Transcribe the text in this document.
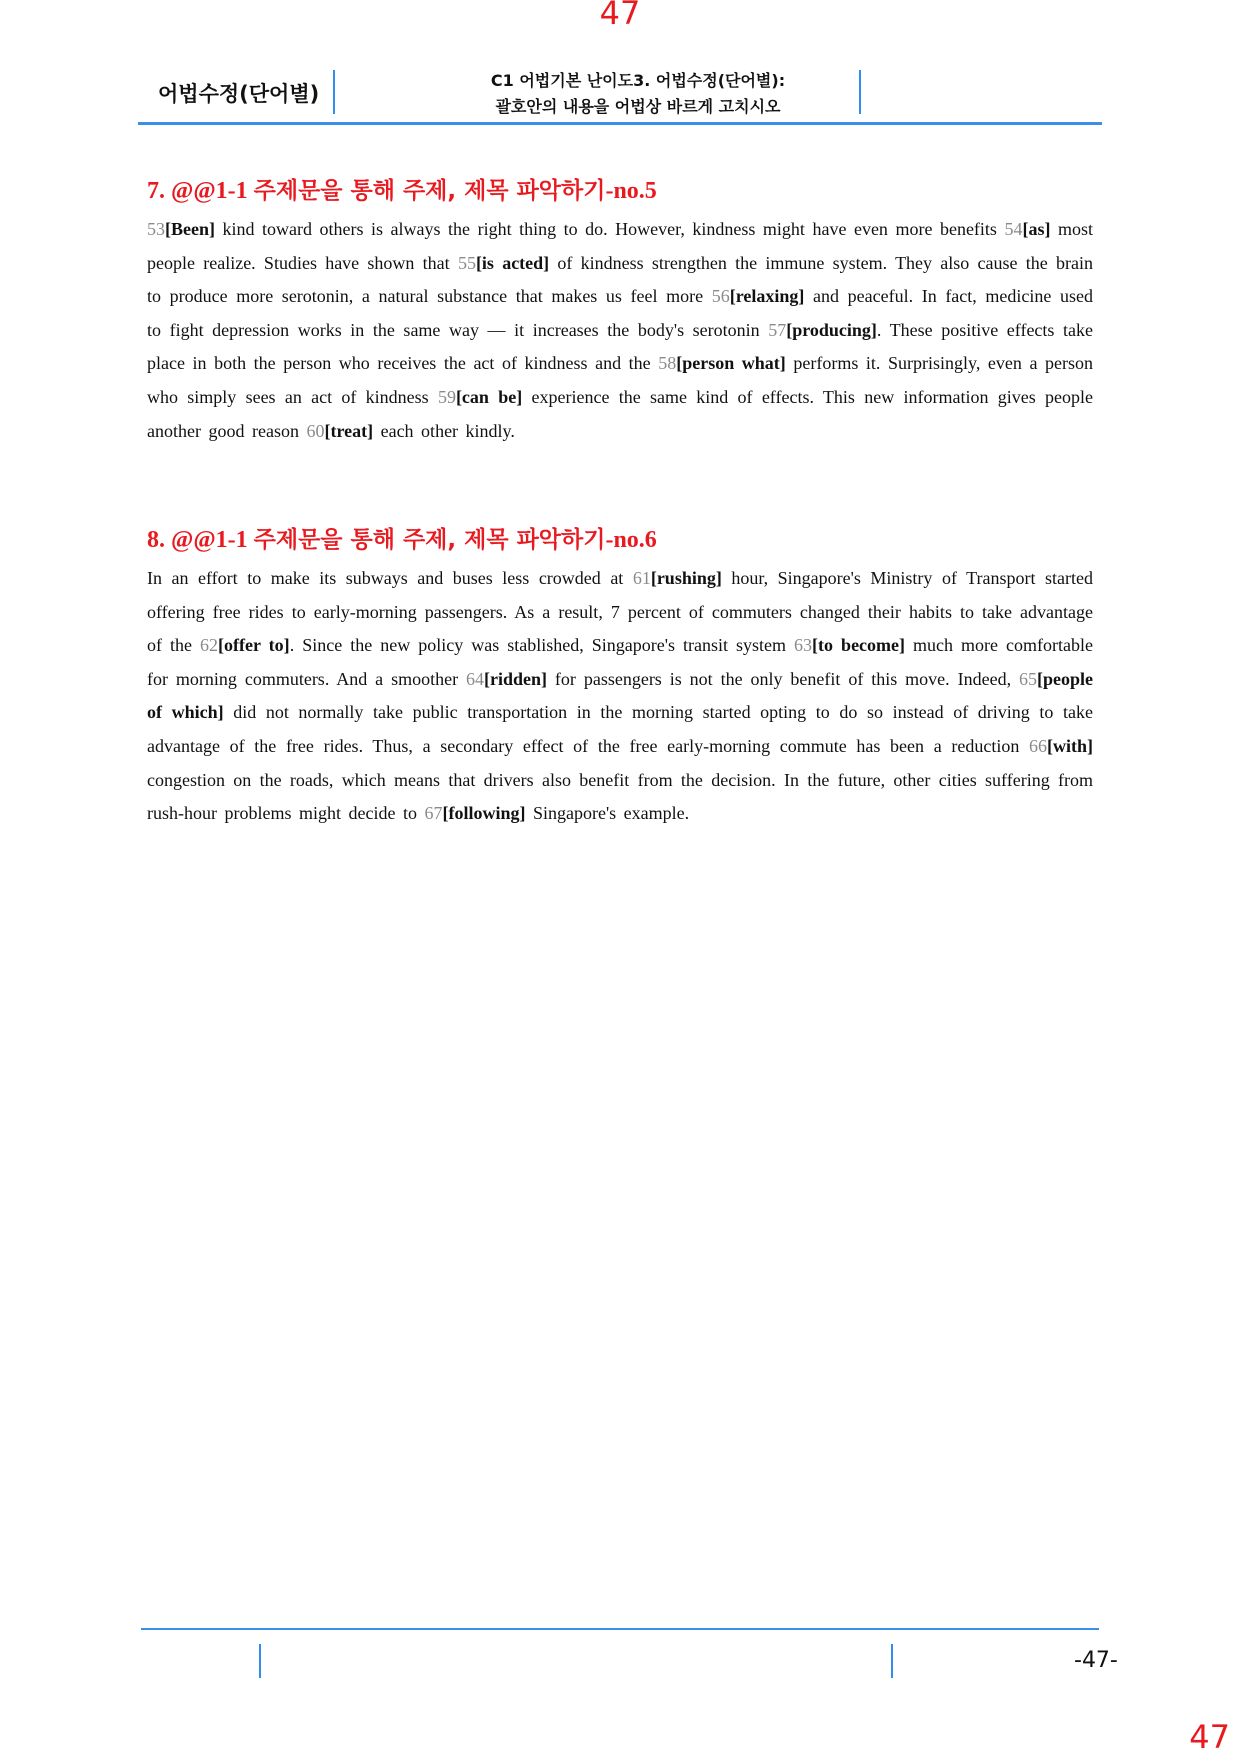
47
어법수정(단어별)
C1 어법기본 난이도3. 어법수정(단어별):
괄호안의 내용을 어법상 바르게 고치시오
7. @@1-1 주제문을 통해 주제, 제목 파악하기-no.5

53[Been] kind toward others is always the right thing to do. However, kindness might have even more benefits 54[as] most people realize. Studies have shown that 55[is acted] of kindness strengthen the immune system. They also cause the brain to produce more serotonin, a natural substance that makes us feel more 56[relaxing] and peaceful. In fact, medicine used to fight depression works in the same way — it increases the body's serotonin 57[producing]. These positive effects take place in both the person who receives the act of kindness and the 58[person what] performs it. Surprisingly, even a person who simply sees an act of kindness 59[can be] experience the same kind of effects. This new information gives people another good reason 60[treat] each other kindly.

8. @@1-1 주제문을 통해 주제, 제목 파악하기-no.6

In an effort to make its subways and buses less crowded at 61[rushing] hour, Singapore's Ministry of Transport started offering free rides to early-morning passengers. As a result, 7 percent of commuters changed their habits to take advantage of the 62[offer to]. Since the new policy was stablished, Singapore's transit system 63[to become] much more comfortable for morning commuters. And a smoother 64[ridden] for passengers is not the only benefit of this move. Indeed, 65[people of which] did not normally take public transportation in the morning started opting to do so instead of driving to take advantage of the free rides. Thus, a secondary effect of the free early-morning commute has been a reduction 66[with] congestion on the roads, which means that drivers also benefit from the decision. In the future, other cities suffering from rush-hour problems might decide to 67[following] Singapore's example.

-47-
47
